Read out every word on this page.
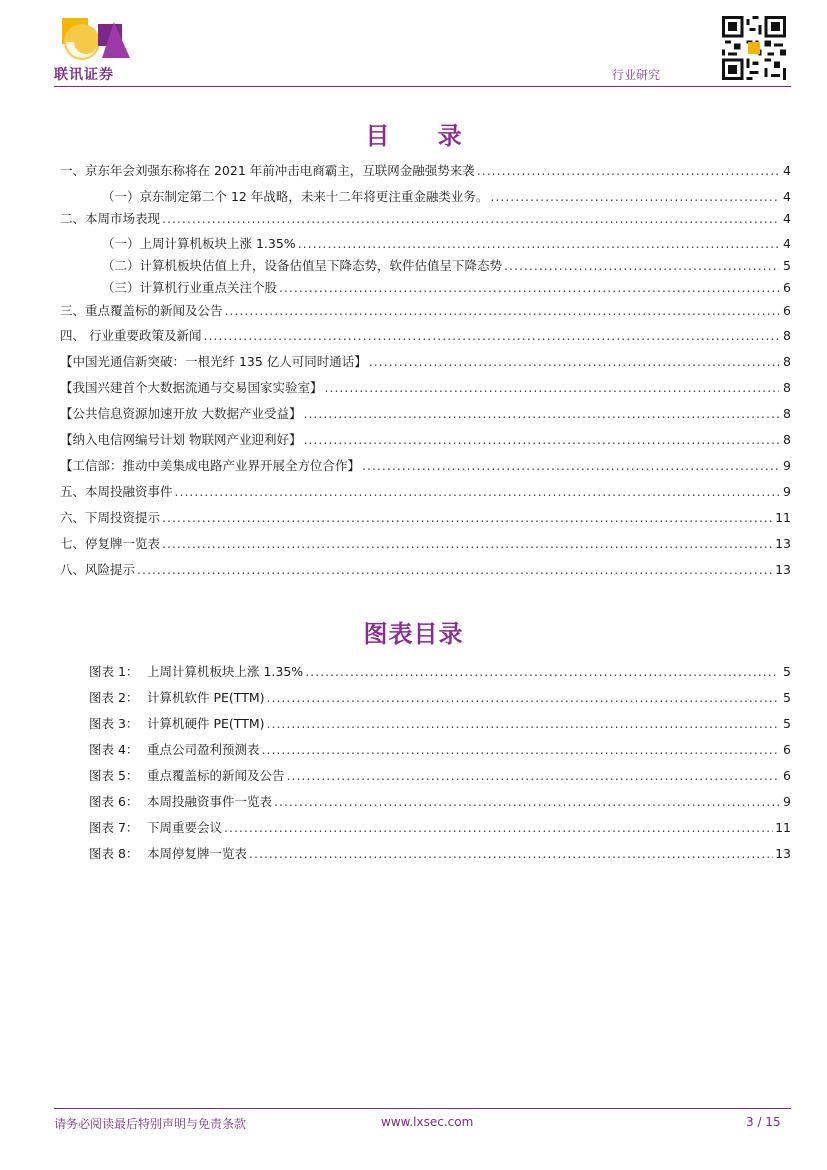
联讯证券	行业研究
目 录
一、京东年会刘强东称将在 2021 年前冲击电商霸主，互联网金融强势来袭 .....	4
（一）京东制定第二个 12 年战略，未来十二年将更注重金融类业务。 .....	4
二、本周市场表现 .....	4
（一）上周计算机板块上涨 1.35% .....	4
（二）计算机板块估值上升，设备估值呈下降态势，软件估值呈下降态势 .....	5
（三）计算机行业重点关注个股 .....	6
三、重点覆盖标的新闻及公告 .....	6
四、 行业重要政策及新闻 .....	8
【中国光通信新突破：一根光纤 135 亿人可同时通话】 .....	8
【我国兴建首个大数据流通与交易国家实验室】 .....	8
【公共信息资源加速开放 大数据产业受益】 .....	8
【纳入电信网编号计划 物联网产业迎利好】 .....	8
【工信部：推动中美集成电路产业界开展全方位合作】 .....	9
五、本周投融资事件 .....	9
六、下周投资提示 .....	11
七、停复牌一览表 .....	13
八、风险提示 .....	13
图表目录
图表 1： 上周计算机板块上涨 1.35% .....	5
图表 2： 计算机软件 PE(TTM) .....	5
图表 3： 计算机硬件 PE(TTM) .....	5
图表 4： 重点公司盈利预测表 .....	6
图表 5： 重点覆盖标的新闻及公告 .....	6
图表 6： 本周投融资事件一览表 .....	9
图表 7： 下周重要会议 .....	11
图表 8： 本周停复牌一览表 .....	13
请务必阅读最后特别声明与免责条款	www.lxsec.com	3 / 15
